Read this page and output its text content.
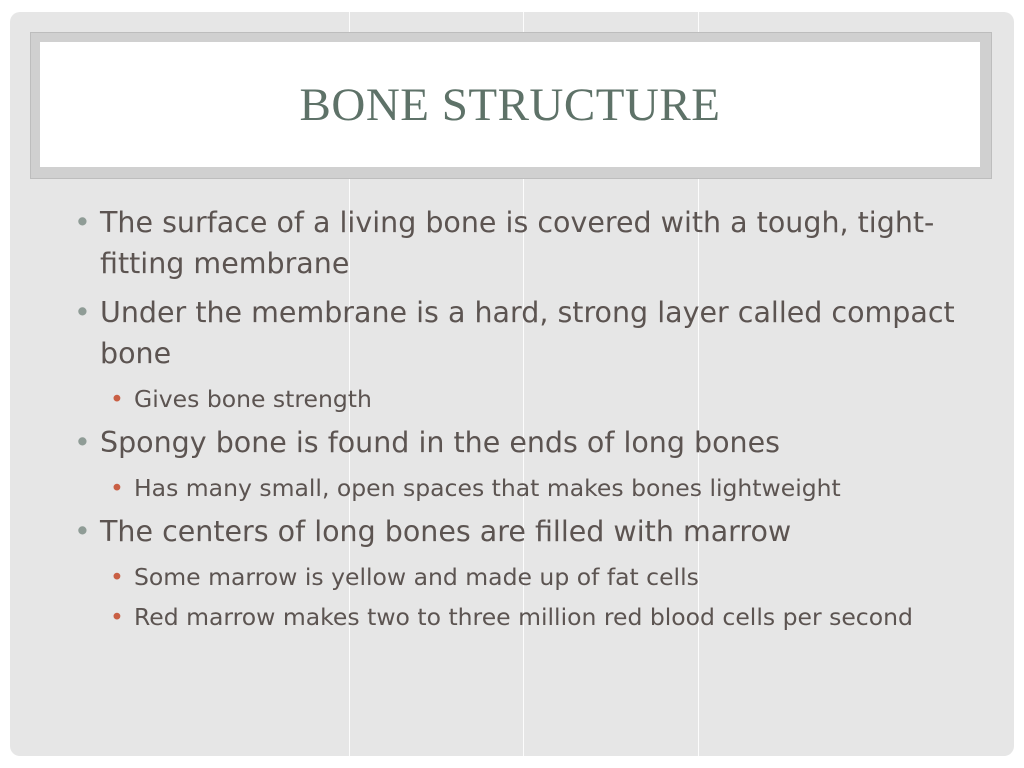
BONE STRUCTURE
• The surface of a living bone is covered with a tough, tight-fitting membrane
• Under the membrane is a hard, strong layer called compact bone
• Gives bone strength
• Spongy bone is found in the ends of long bones
• Has many small, open spaces that makes bones lightweight
• The centers of long bones are filled with marrow
• Some marrow is yellow and made up of fat cells
• Red marrow makes two to three million red blood cells per second
